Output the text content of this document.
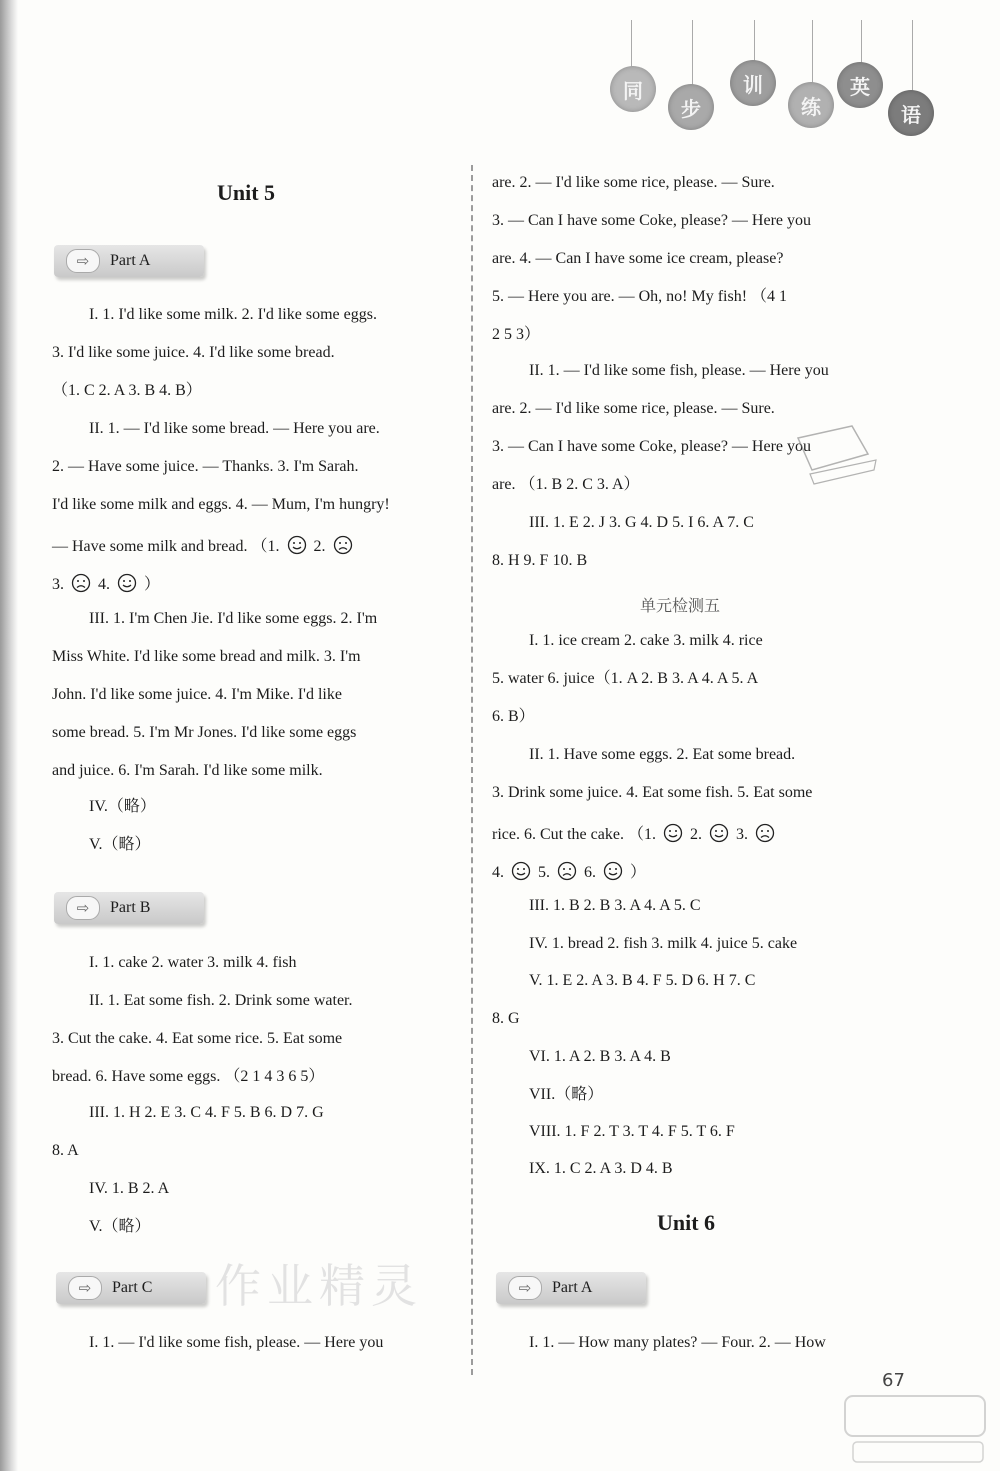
同
步
训
练
英
语
Unit 5
⇨	Part A
I. 1. I'd like some milk. 2. I'd like some eggs.
3. I'd like some juice. 4. I'd like some bread.
（1. C 2. A 3. B 4. B）
II. 1. — I'd like some bread. — Here you are.
2. — Have some juice. — Thanks. 3. I'm Sarah.
I'd like some milk and eggs. 4. — Mum, I'm hungry!
— Have some milk and bread. （1. 2.
3. 4. ）
III. 1. I'm Chen Jie. I'd like some eggs. 2. I'm
Miss White. I'd like some bread and milk. 3. I'm
John. I'd like some juice. 4. I'm Mike. I'd like
some bread. 5. I'm Mr Jones. I'd like some eggs
and juice. 6. I'm Sarah. I'd like some milk.
IV.（略）
V.（略）
⇨	Part B
I. 1. cake 2. water 3. milk 4. fish
II. 1. Eat some fish. 2. Drink some water.
3. Cut the cake. 4. Eat some rice. 5. Eat some
bread. 6. Have some eggs. （2 1 4 3 6 5）
III. 1. H 2. E 3. C 4. F 5. B 6. D 7. G
8. A
IV. 1. B 2. A
V.（略）
⇨	Part C
I. 1. — I'd like some fish, please. — Here you
作业精灵
are. 2. — I'd like some rice, please. — Sure.
3. — Can I have some Coke, please? — Here you
are. 4. — Can I have some ice cream, please?
5. — Here you are. — Oh, no! My fish! （4 1
2 5 3）
II. 1. — I'd like some fish, please. — Here you
are. 2. — I'd like some rice, please. — Sure.
3. — Can I have some Coke, please? — Here you
are. （1. B 2. C 3. A）
III. 1. E 2. J 3. G 4. D 5. I 6. A 7. C
8. H 9. F 10. B
单元检测五
I. 1. ice cream 2. cake 3. milk 4. rice
5. water 6. juice（1. A 2. B 3. A 4. A 5. A
6. B）
II. 1. Have some eggs. 2. Eat some bread.
3. Drink some juice. 4. Eat some fish. 5. Eat some
rice. 6. Cut the cake. （1. 2. 3.
4. 5. 6. ）
III. 1. B 2. B 3. A 4. A 5. C
IV. 1. bread 2. fish 3. milk 4. juice 5. cake
V. 1. E 2. A 3. B 4. F 5. D 6. H 7. C
8. G
VI. 1. A 2. B 3. A 4. B
VII.（略）
VIII. 1. F 2. T 3. T 4. F 5. T 6. F
IX. 1. C 2. A 3. D 4. B
Unit 6
⇨	Part A
I. 1. — How many plates? — Four. 2. — How
67
